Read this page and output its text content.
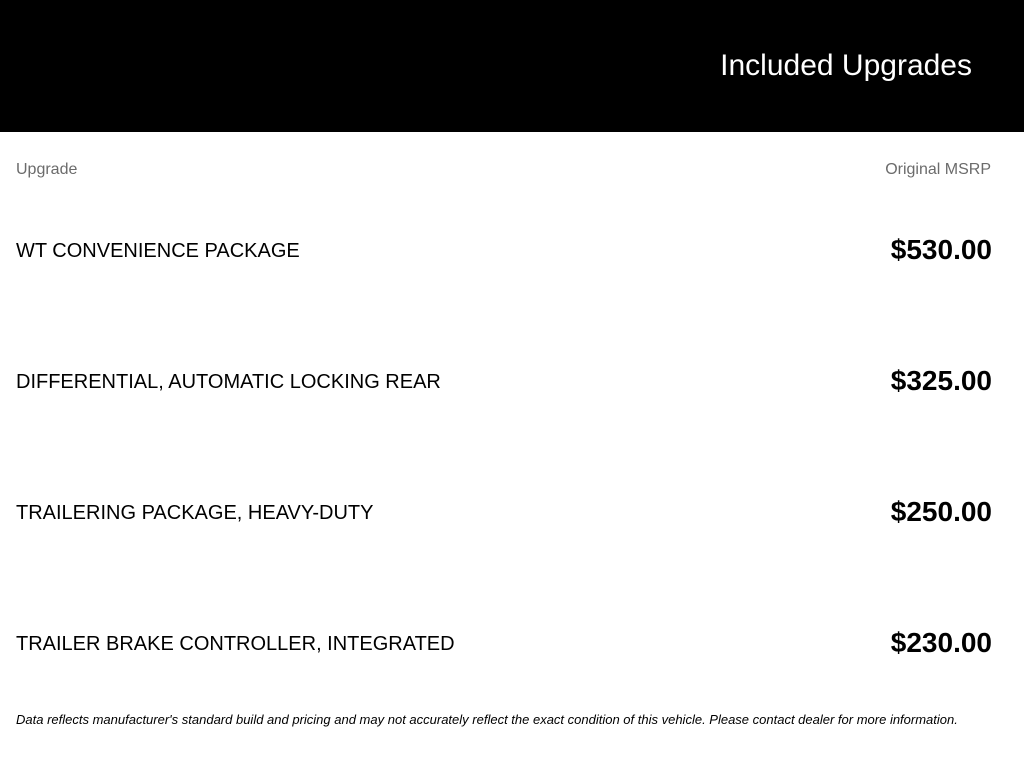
Included Upgrades
Upgrade	Original MSRP
WT CONVENIENCE PACKAGE	$530.00
DIFFERENTIAL, AUTOMATIC LOCKING REAR	$325.00
TRAILERING PACKAGE, HEAVY-DUTY	$250.00
TRAILER BRAKE CONTROLLER, INTEGRATED	$230.00
Data reflects manufacturer's standard build and pricing and may not accurately reflect the exact condition of this vehicle. Please contact dealer for more information.
